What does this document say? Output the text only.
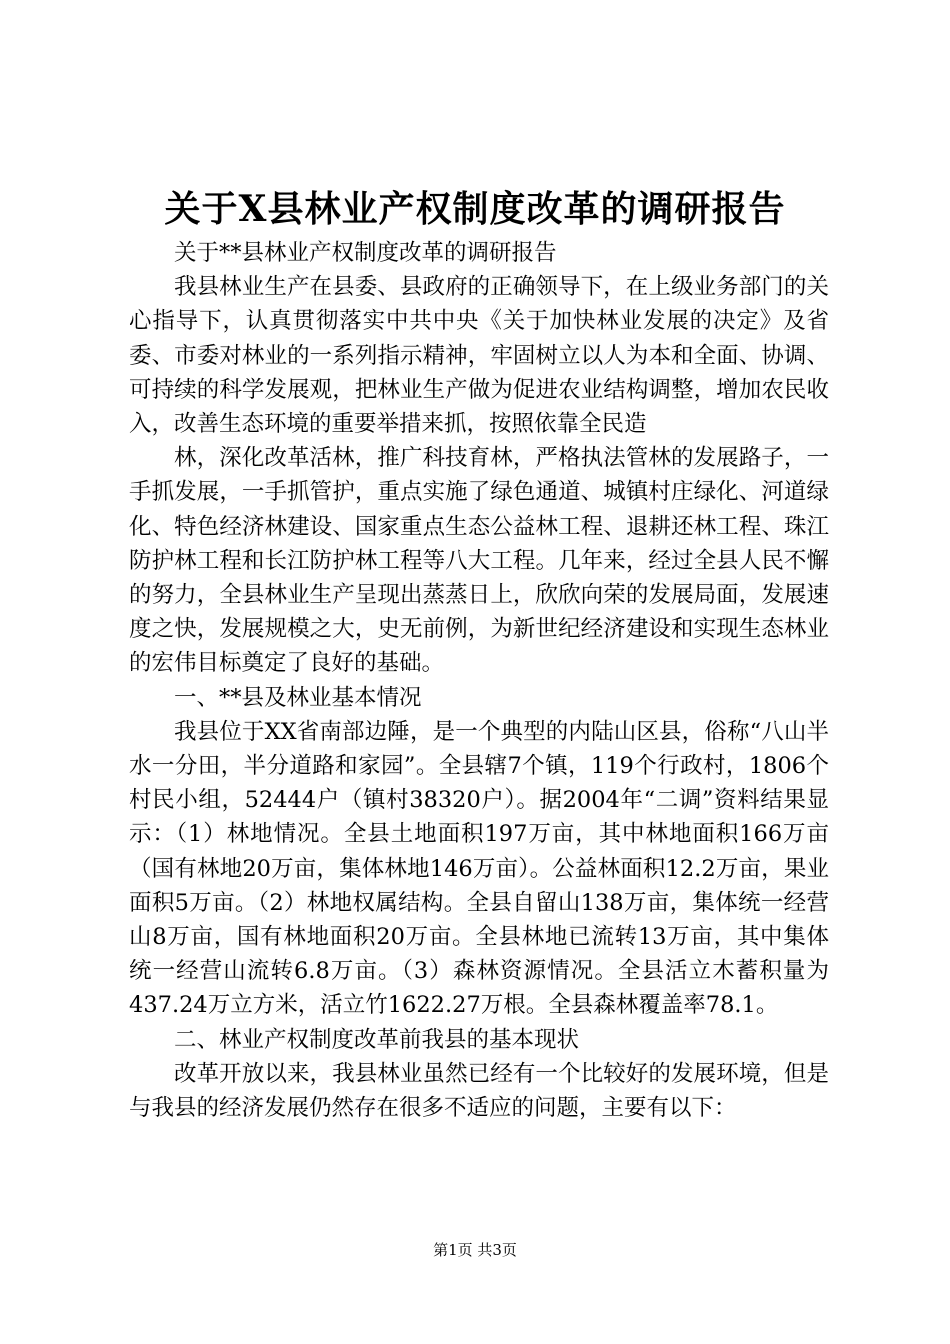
关于X县林业产权制度改革的调研报告

关于**县林业产权制度改革的调研报告

我县林业生产在县委、县政府的正确领导下，在上级业务部门的关心指导下，认真贯彻落实中共中央《关于加快林业发展的决定》及省委、市委对林业的一系列指示精神，牢固树立以人为本和全面、协调、可持续的科学发展观，把林业生产做为促进农业结构调整，增加农民收入，改善生态环境的重要举措来抓，按照依靠全民造

林，深化改革活林，推广科技育林，严格执法管林的发展路子，一手抓发展，一手抓管护，重点实施了绿色通道、城镇村庄绿化、河道绿化、特色经济林建设、国家重点生态公益林工程、退耕还林工程、珠江防护林工程和长江防护林工程等八大工程。几年来，经过全县人民不懈的努力，全县林业生产呈现出蒸蒸日上，欣欣向荣的发展局面，发展速度之快，发展规模之大，史无前例，为新世纪经济建设和实现生态林业的宏伟目标奠定了良好的基础。

一、**县及林业基本情况

我县位于XX省南部边陲，是一个典型的内陆山区县，俗称“八山半水一分田，半分道路和家园”。全县辖7个镇，119个行政村，1806个村民小组，52444户（镇村38320户）。据2004年“二调”资料结果显示：（1）林地情况。全县土地面积197万亩，其中林地面积166万亩（国有林地20万亩，集体林地146万亩）。公益林面积12.2万亩，果业面积5万亩。（2）林地权属结构。全县自留山138万亩，集体统一经营山8万亩，国有林地面积20万亩。全县林地已流转13万亩，其中集体统一经营山流转6.8万亩。（3）森林资源情况。全县活立木蓄积量为437.24万立方米，活立竹1622.27万根。全县森林覆盖率78.1。

二、林业产权制度改革前我县的基本现状

改革开放以来，我县林业虽然已经有一个比较好的发展环境，但是与我县的经济发展仍然存在很多不适应的问题，主要有以下：

第1页 共3页
